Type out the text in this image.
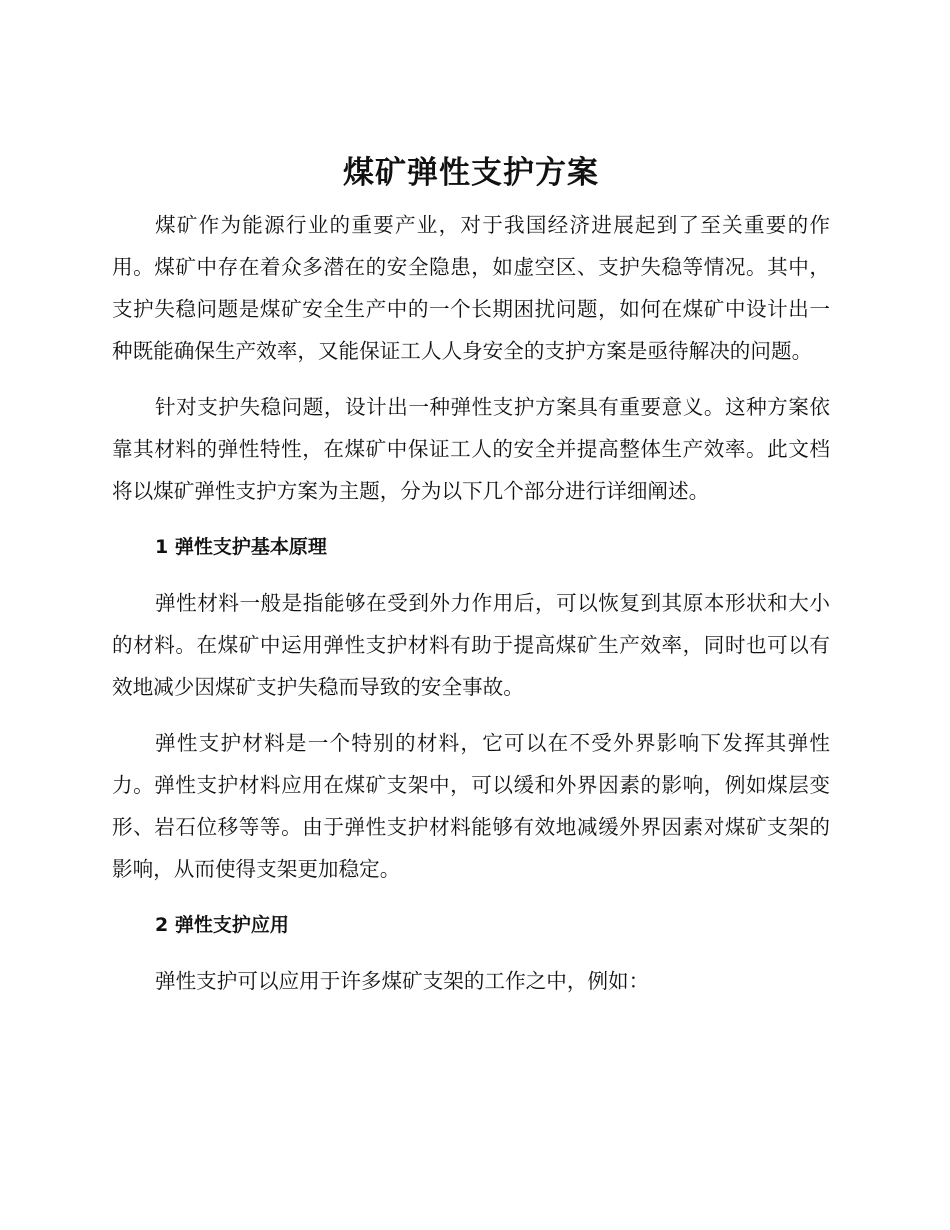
煤矿弹性支护方案

煤矿作为能源行业的重要产业，对于我国经济进展起到了至关重要的作用。煤矿中存在着众多潜在的安全隐患，如虚空区、支护失稳等情况。其中，支护失稳问题是煤矿安全生产中的一个长期困扰问题，如何在煤矿中设计出一种既能确保生产效率，又能保证工人人身安全的支护方案是亟待解决的问题。

针对支护失稳问题，设计出一种弹性支护方案具有重要意义。这种方案依靠其材料的弹性特性，在煤矿中保证工人的安全并提高整体生产效率。此文档将以煤矿弹性支护方案为主题，分为以下几个部分进行详细阐述。

1 弹性支护基本原理

弹性材料一般是指能够在受到外力作用后，可以恢复到其原本形状和大小的材料。在煤矿中运用弹性支护材料有助于提高煤矿生产效率，同时也可以有效地减少因煤矿支护失稳而导致的安全事故。

弹性支护材料是一个特别的材料，它可以在不受外界影响下发挥其弹性力。弹性支护材料应用在煤矿支架中，可以缓和外界因素的影响，例如煤层变形、岩石位移等等。由于弹性支护材料能够有效地减缓外界因素对煤矿支架的影响，从而使得支架更加稳定。

2 弹性支护应用

弹性支护可以应用于许多煤矿支架的工作之中，例如：
